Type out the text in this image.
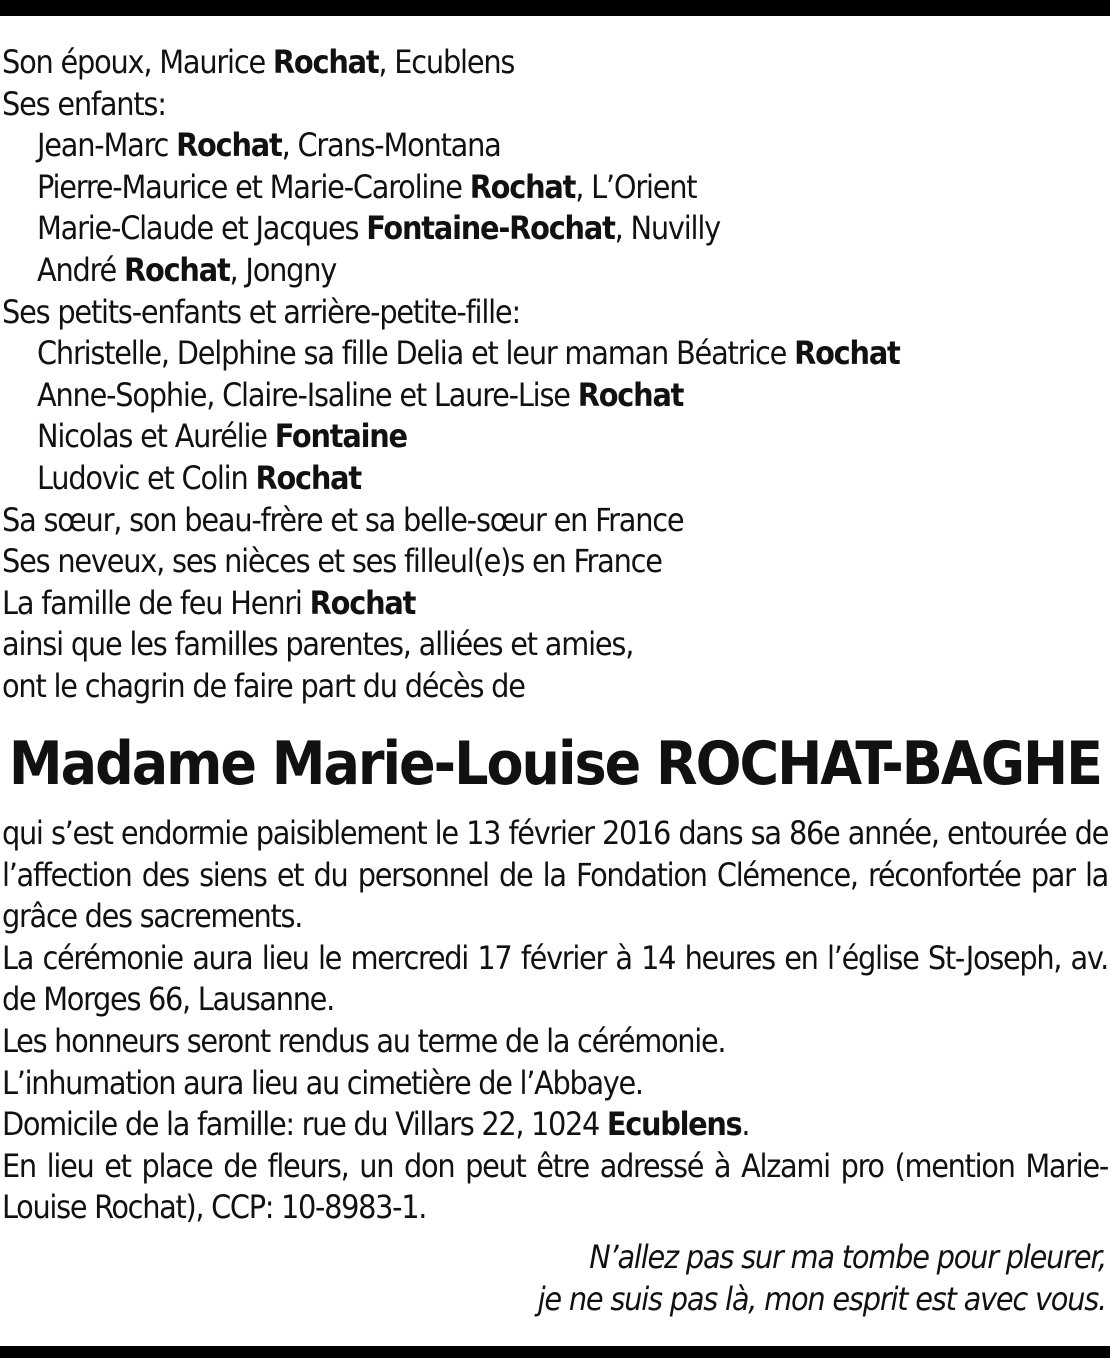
Son époux, Maurice Rochat, Ecublens
Ses enfants:
Jean-Marc Rochat, Crans-Montana
Pierre-Maurice et Marie-Caroline Rochat, L’Orient
Marie-Claude et Jacques Fontaine-Rochat, Nuvilly
André Rochat, Jongny
Ses petits-enfants et arrière-petite-fille:
Christelle, Delphine sa fille Delia et leur maman Béatrice Rochat
Anne-Sophie, Claire-Isaline et Laure-Lise Rochat
Nicolas et Aurélie Fontaine
Ludovic et Colin Rochat
Sa sœur, son beau-frère et sa belle-sœur en France
Ses neveux, ses nièces et ses filleul(e)s en France
La famille de feu Henri Rochat
ainsi que les familles parentes, alliées et amies,
ont le chagrin de faire part du décès de
Madame Marie-Louise ROCHAT-BAGHE
qui s’est endormie paisiblement le 13 février 2016 dans sa 86e année, entourée de l’affection des siens et du personnel de la Fondation Clémence, réconfortée par la grâce des sacrements.
La cérémonie aura lieu le mercredi 17 février à 14 heures en l’église St-Joseph, av. de Morges 66, Lausanne.
Les honneurs seront rendus au terme de la cérémonie.
L’inhumation aura lieu au cimetière de l’Abbaye.
Domicile de la famille: rue du Villars 22, 1024 Ecublens.
En lieu et place de fleurs, un don peut être adressé à Alzami pro (mention Marie-Louise Rochat), CCP: 10-8983-1.
N’allez pas sur ma tombe pour pleurer,
je ne suis pas là, mon esprit est avec vous.
